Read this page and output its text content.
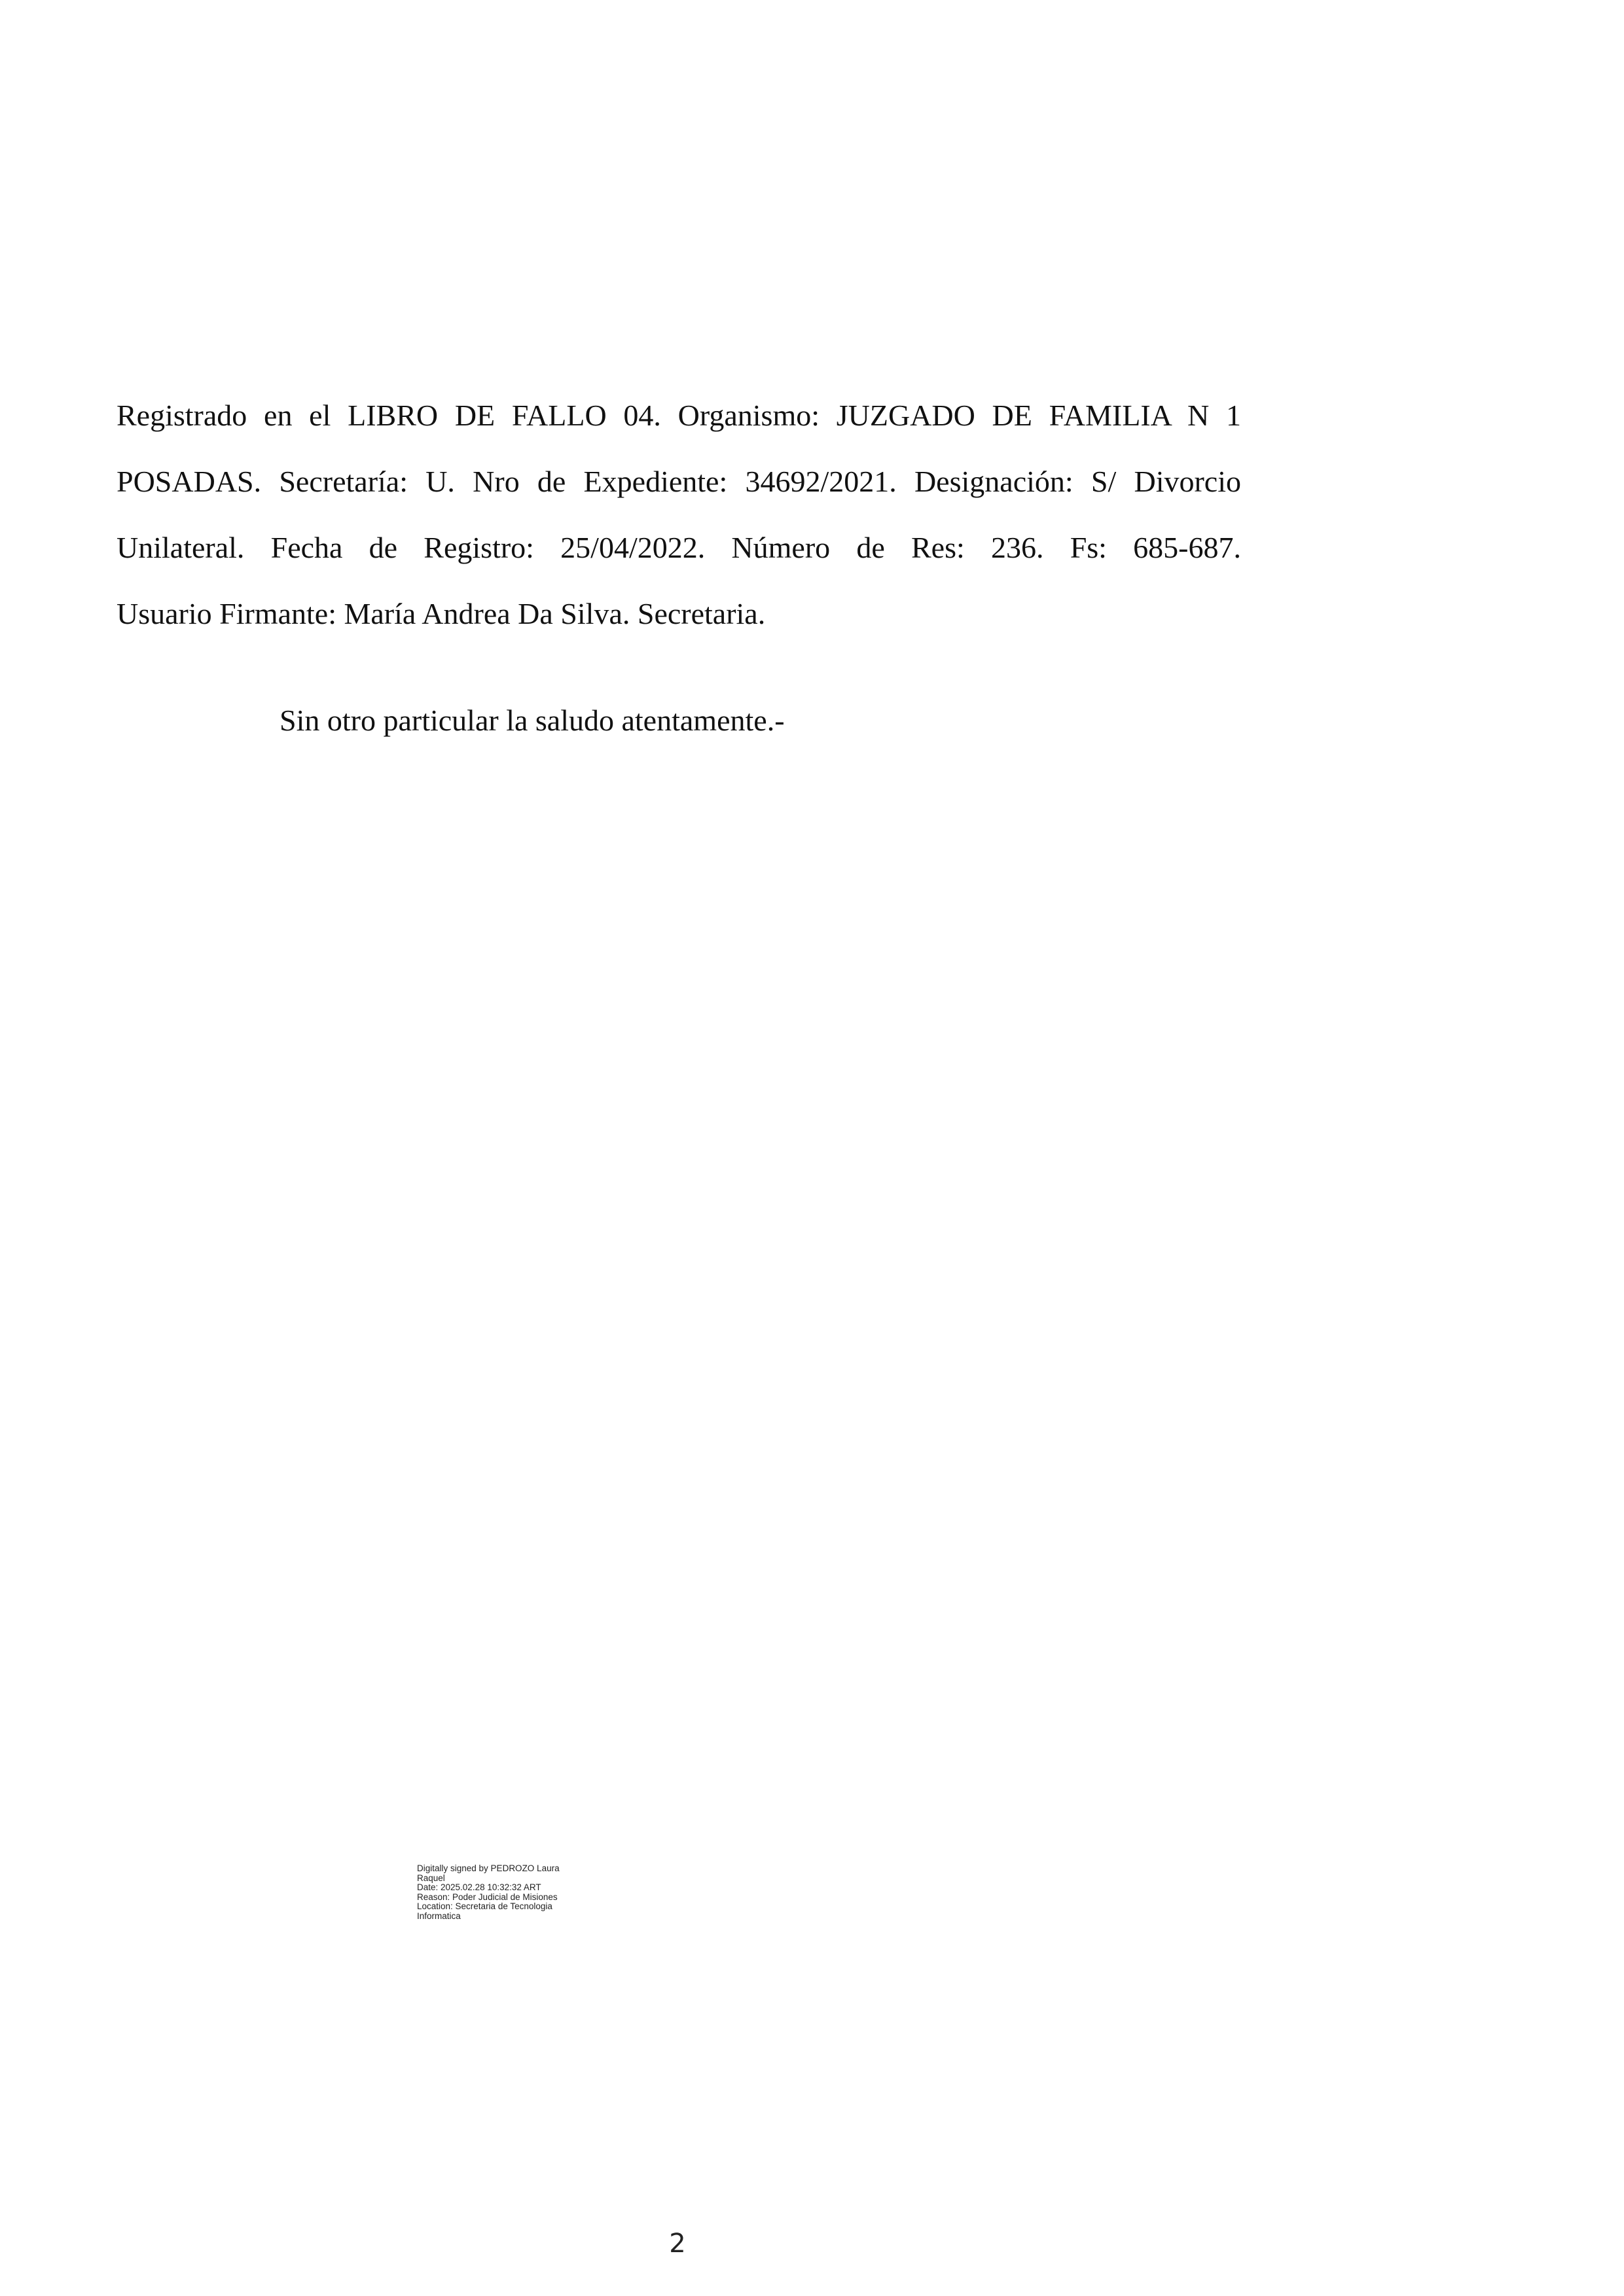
Registrado en el LIBRO DE FALLO 04. Organismo: JUZGADO DE FAMILIA N 1
POSADAS. Secretaría: U. Nro de Expediente: 34692/2021. Designación: S/ Divorcio
Unilateral. Fecha de Registro: 25/04/2022. Número de Res: 236. Fs: 685-687.
Usuario Firmante: María Andrea Da Silva. Secretaria.
Sin otro particular la saludo atentamente.-
Digitally signed by PEDROZO Laura
Raquel
Date: 2025.02.28 10:32:32 ART
Reason: Poder Judicial de Misiones
Location: Secretaria de Tecnologia
Informatica
2
